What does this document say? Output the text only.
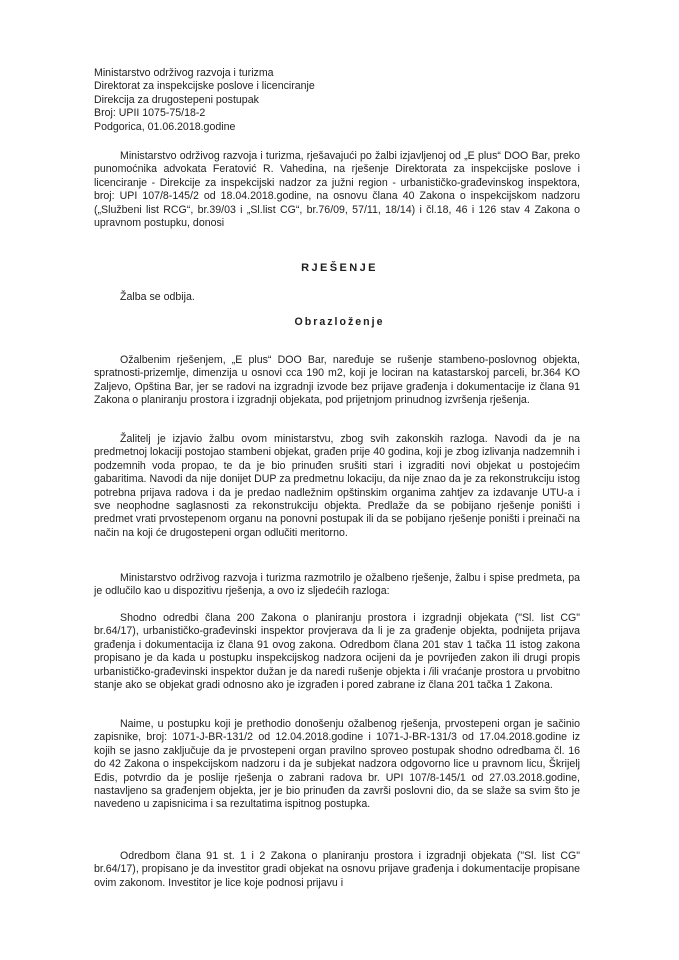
Ministarstvo održivog razvoja i turizma
Direktorat za inspekcijske poslove i licenciranje
Direkcija za drugostepeni postupak
Broj: UPII 1075-75/18-2
Podgorica, 01.06.2018.godine

Ministarstvo održivog razvoja i turizma, rješavajući po žalbi izjavljenoj od „E plus“ DOO Bar, preko punomoćnika advokata Feratović R. Vahedina, na rješenje Direktorata za inspekcijske poslove i licenciranje - Direkcije za inspekcijski nadzor za južni region - urbanističko-građevinskog inspektora, broj: UPI 107/8-145/2 od 18.04.2018.godine, na osnovu člana 40 Zakona o inspekcijskom nadzoru („Službeni list RCG“, br.39/03 i „Sl.list CG“, br.76/09, 57/11, 18/14) i čl.18, 46 i 126 stav 4 Zakona o upravnom postupku, donosi

RJEŠENJE
Žalba se odbija.
Obrazloženje

Ožalbenim rješenjem, „E plus“ DOO Bar, naređuje se rušenje stambeno-poslovnog objekta, spratnosti-prizemlje, dimenzija u osnovi cca 190 m2, koji je lociran na katastarskoj parceli, br.364 KO Zaljevo, Opština Bar, jer se radovi na izgradnji izvode bez prijave građenja i dokumentacije iz člana 91 Zakona o planiranju prostora i izgradnji objekata, pod prijetnjom prinudnog izvršenja rješenja.

Žalitelj je izjavio žalbu ovom ministarstvu, zbog svih zakonskih razloga. Navodi da je na predmetnoj lokaciji postojao stambeni objekat, građen prije 40 godina, koji je zbog izlivanja nadzemnih i podzemnih voda propao, te da je bio prinuđen srušiti stari i izgraditi novi objekat u postojećim gabaritima. Navodi da nije donijet DUP za predmetnu lokaciju, da nije znao da je za rekonstrukciju istog potrebna prijava radova i da je predao nadležnim opštinskim organima zahtjev za izdavanje UTU-a i sve neophodne saglasnosti za rekonstrukciju objekta. Predlaže da se pobijano rješenje poništi i predmet vrati prvostepenom organu na ponovni postupak ili da se pobijano rješenje poništi i preinači na način na koji će drugostepeni organ odlučiti meritorno.

Ministarstvo održivog razvoja i turizma razmotrilo je ožalbeno rješenje, žalbu i spise predmeta, pa je odlučilo kao u dispozitivu rješenja, a ovo iz sljedećih razloga:

Shodno odredbi člana 200 Zakona o planiranju prostora i izgradnji objekata ("Sl. list CG" br.64/17), urbanističko-građevinski inspektor provjerava da li je za građenje objekta, podnijeta prijava građenja i dokumentacija iz člana 91 ovog zakona. Odredbom člana 201 stav 1 tačka 11 istog zakona propisano je da kada u postupku inspekcijskog nadzora ocijeni da je povrijeđen zakon ili drugi propis urbanističko-građevinski inspektor dužan je da naredi rušenje objekta i /ili vraćanje prostora u prvobitno stanje ako se objekat gradi odnosno ako je izgrađen i pored zabrane iz člana 201 tačka 1 Zakona.

Naime, u postupku koji je prethodio donošenju ožalbenog rješenja, prvostepeni organ je sačinio zapisnike, broj: 1071-J-BR-131/2 od 12.04.2018.godine i 1071-J-BR-131/3 od 17.04.2018.godine iz kojih se jasno zaključuje da je prvostepeni organ pravilno sproveo postupak shodno odredbama čl. 16 do 42 Zakona o inspekcijskom nadzoru i da je subjekat nadzora odgovorno lice u pravnom licu, Škrijelj Edis, potvrdio da je poslije rješenja o zabrani radova br. UPI 107/8-145/1 od 27.03.2018.godine, nastavljeno sa građenjem objekta, jer je bio prinuđen da završi poslovni dio, da se slaže sa svim što je navedeno u zapisnicima i sa rezultatima ispitnog postupka.

Odredbom člana 91 st. 1 i 2 Zakona o planiranju prostora i izgradnji objekata ("Sl. list CG" br.64/17), propisano je da investitor gradi objekat na osnovu prijave građenja i dokumentacije propisane ovim zakonom. Investitor je lice koje podnosi prijavu i
